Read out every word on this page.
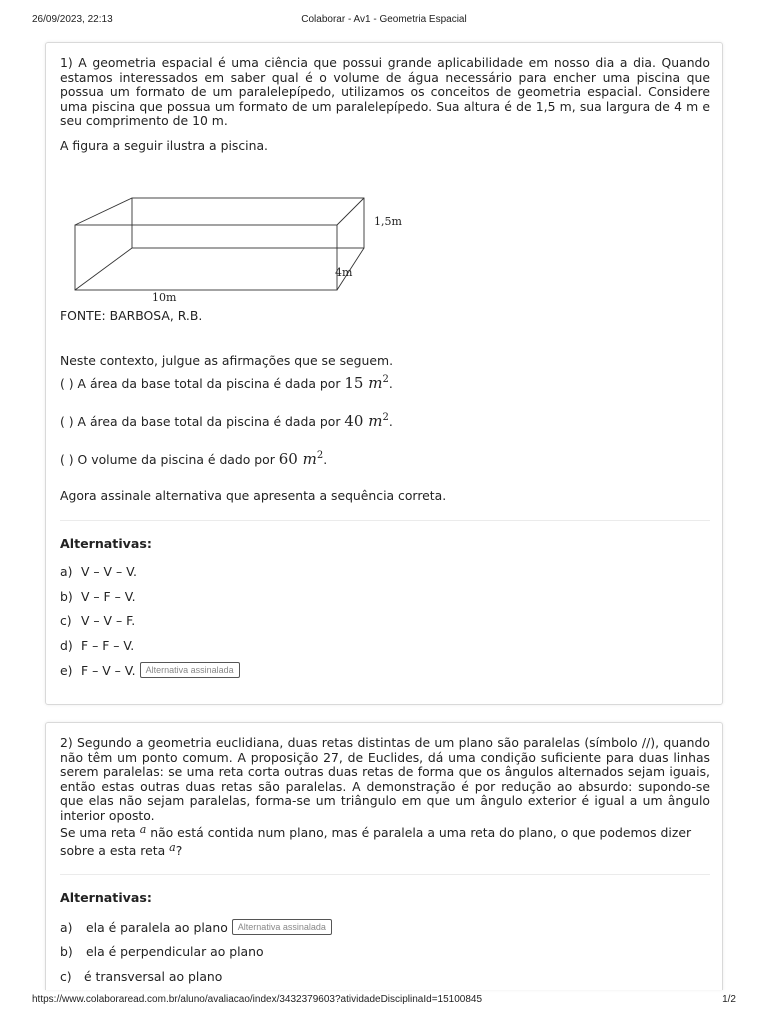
26/09/2023, 22:13	Colaborar - Av1 - Geometria Espacial
1) A geometria espacial é uma ciência que possui grande aplicabilidade em nosso dia a dia. Quando estamos interessados em saber qual é o volume de água necessário para encher uma piscina que possua um formato de um paralelepípedo, utilizamos os conceitos de geometria espacial. Considere uma piscina que possua um formato de um paralelepípedo. Sua altura é de 1,5 m, sua largura de 4 m e seu comprimento de 10 m.
A figura a seguir ilustra a piscina.
1,5m
4m
10m
FONTE: BARBOSA, R.B.
Neste contexto, julgue as afirmações que se seguem.
( ) A área da base total da piscina é dada por 15 $m^2$.
( ) A área da base total da piscina é dada por 40 $m^2$.
( ) O volume da piscina é dado por 60 $m^2$.
Agora assinale alternativa que apresenta a sequência correta.
Alternativas:
a) V – V – V.
b) V – F – V.
c) V – V – F.
d) F – F – V.
e) F – V – V.	Alternativa assinalada
2) Segundo a geometria euclidiana, duas retas distintas de um plano são paralelas (símbolo //), quando não têm um ponto comum. A proposição 27, de Euclides, dá uma condição suficiente para duas linhas serem paralelas: se uma reta corta outras duas retas de forma que os ângulos alternados sejam iguais, então estas outras duas retas são paralelas. A demonstração é por redução ao absurdo: supondo-se que elas não sejam paralelas, forma-se um triângulo em que um ângulo exterior é igual a um ângulo interior oposto.
Se uma reta a não está contida num plano, mas é paralela a uma reta do plano, o que podemos dizer
sobre a esta reta a?
Alternativas:
a)	ela é paralela ao plano	Alternativa assinalada
b)	ela é perpendicular ao plano
c) é transversal ao plano
https://www.colaboraread.com.br/aluno/avaliacao/index/3432379603?atividadeDisciplinaId=15100845	1/2
